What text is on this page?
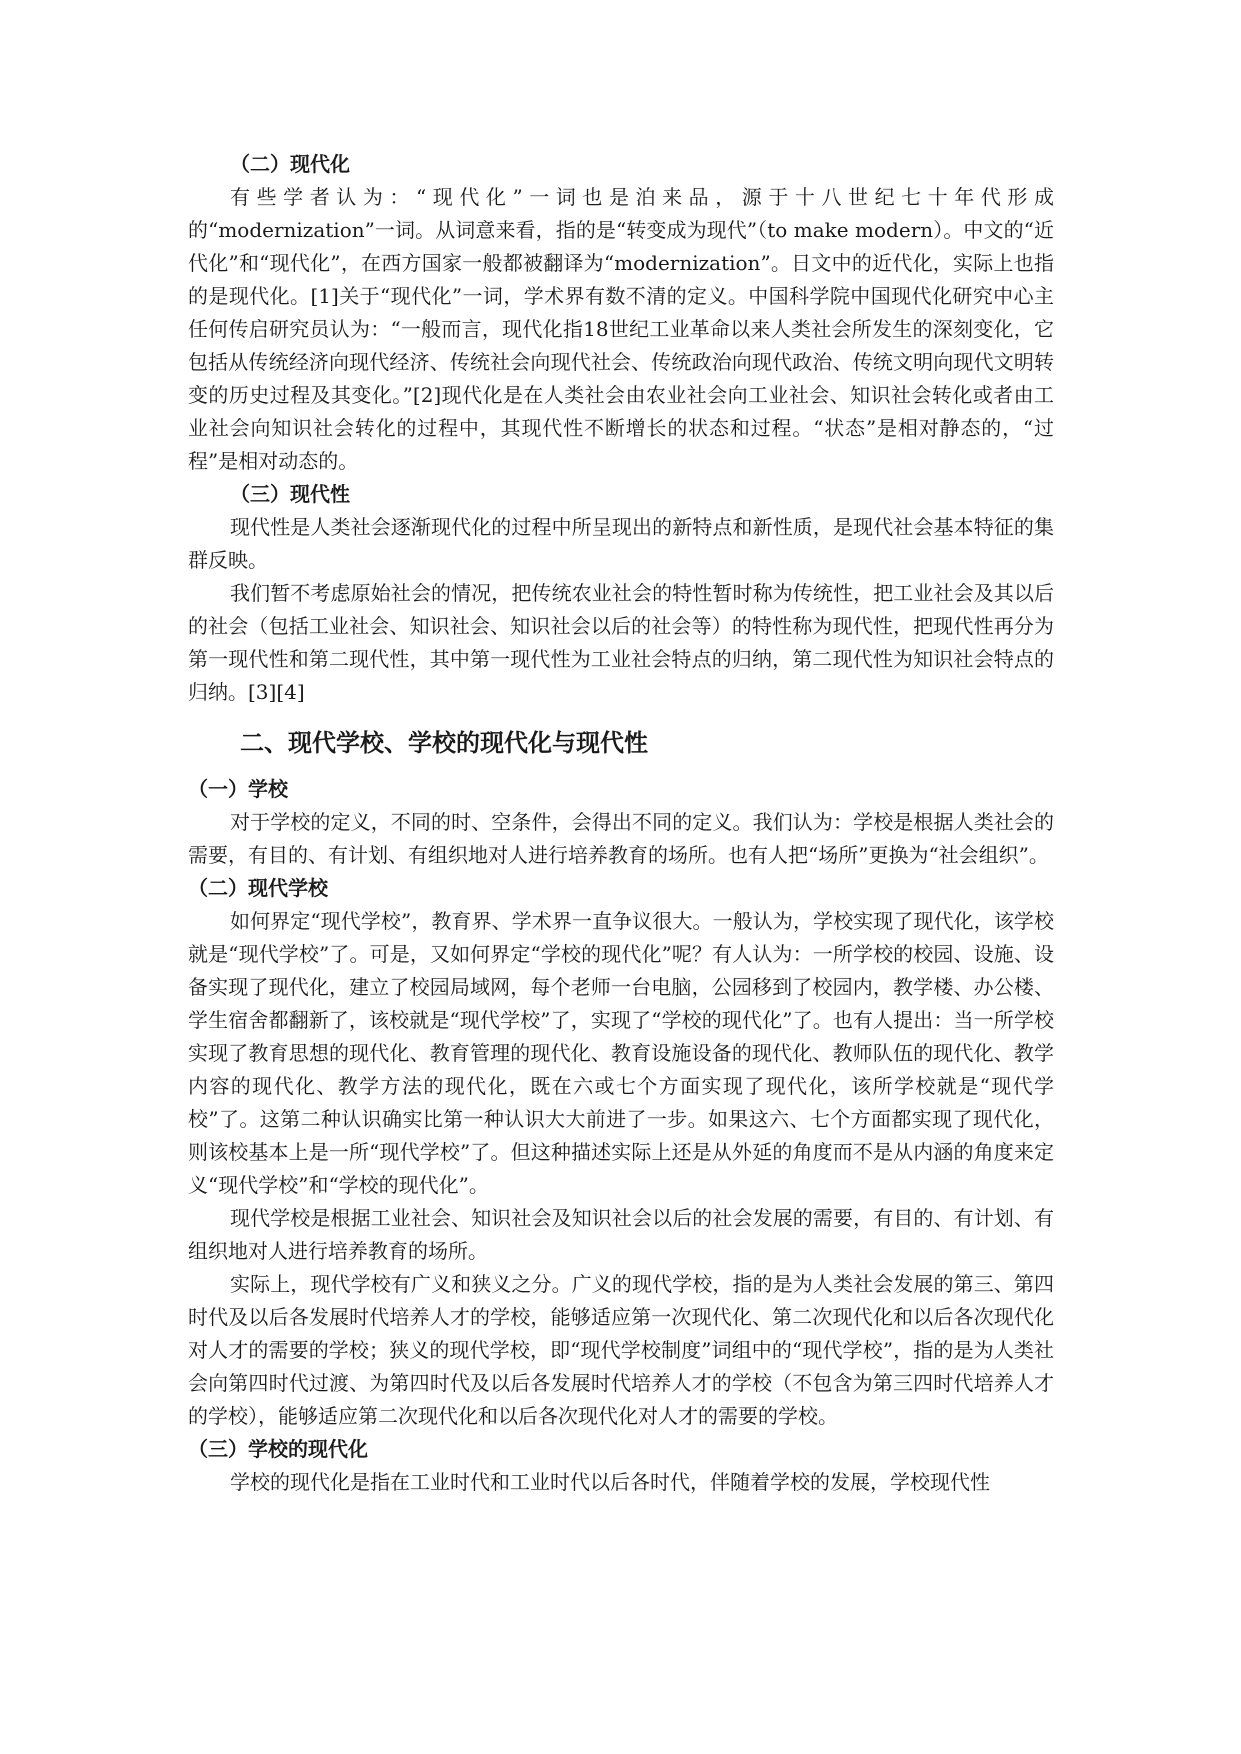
（二）现代化

有些学者认为：“现代化”一词也是泊来品，源于十八世纪七十年代形成的“modernization”一词。从词意来看，指的是“转变成为现代”（to make modern）。中文的“近代化”和“现代化”，在西方国家一般都被翻译为“modernization”。日文中的近代化，实际上也指的是现代化。[1]关于“现代化”一词，学术界有数不清的定义。中国科学院中国现代化研究中心主任何传启研究员认为：“一般而言，现代化指18世纪工业革命以来人类社会所发生的深刻变化，它包括从传统经济向现代经济、传统社会向现代社会、传统政治向现代政治、传统文明向现代文明转变的历史过程及其变化。”[2]现代化是在人类社会由农业社会向工业社会、知识社会转化或者由工业社会向知识社会转化的过程中，其现代性不断增长的状态和过程。“状态”是相对静态的，“过程”是相对动态的。

（三）现代性

现代性是人类社会逐渐现代化的过程中所呈现出的新特点和新性质，是现代社会基本特征的集群反映。

我们暂不考虑原始社会的情况，把传统农业社会的特性暂时称为传统性，把工业社会及其以后的社会（包括工业社会、知识社会、知识社会以后的社会等）的特性称为现代性，把现代性再分为第一现代性和第二现代性，其中第一现代性为工业社会特点的归纳，第二现代性为知识社会特点的归纳。[3][4]

二、现代学校、学校的现代化与现代性
（一）学校

对于学校的定义，不同的时、空条件，会得出不同的定义。我们认为：学校是根据人类社会的需要，有目的、有计划、有组织地对人进行培养教育的场所。也有人把“场所”更换为“社会组织”。

（二）现代学校

如何界定“现代学校”，教育界、学术界一直争议很大。一般认为，学校实现了现代化，该学校就是“现代学校”了。可是，又如何界定“学校的现代化”呢？有人认为：一所学校的校园、设施、设备实现了现代化，建立了校园局域网，每个老师一台电脑，公园移到了校园内，教学楼、办公楼、学生宿舍都翻新了，该校就是“现代学校”了，实现了“学校的现代化”了。也有人提出：当一所学校实现了教育思想的现代化、教育管理的现代化、教育设施设备的现代化、教师队伍的现代化、教学内容的现代化、教学方法的现代化，既在六或七个方面实现了现代化，该所学校就是“现代学校”了。这第二种认识确实比第一种认识大大前进了一步。如果这六、七个方面都实现了现代化，则该校基本上是一所“现代学校”了。但这种描述实际上还是从外延的角度而不是从内涵的角度来定义“现代学校”和“学校的现代化”。

现代学校是根据工业社会、知识社会及知识社会以后的社会发展的需要，有目的、有计划、有组织地对人进行培养教育的场所。

实际上，现代学校有广义和狭义之分。广义的现代学校，指的是为人类社会发展的第三、第四时代及以后各发展时代培养人才的学校，能够适应第一次现代化、第二次现代化和以后各次现代化对人才的需要的学校；狭义的现代学校，即“现代学校制度”词组中的“现代学校”，指的是为人类社会向第四时代过渡、为第四时代及以后各发展时代培养人才的学校（不包含为第三四时代培养人才的学校），能够适应第二次现代化和以后各次现代化对人才的需要的学校。

（三）学校的现代化

学校的现代化是指在工业时代和工业时代以后各时代，伴随着学校的发展，学校现代性
